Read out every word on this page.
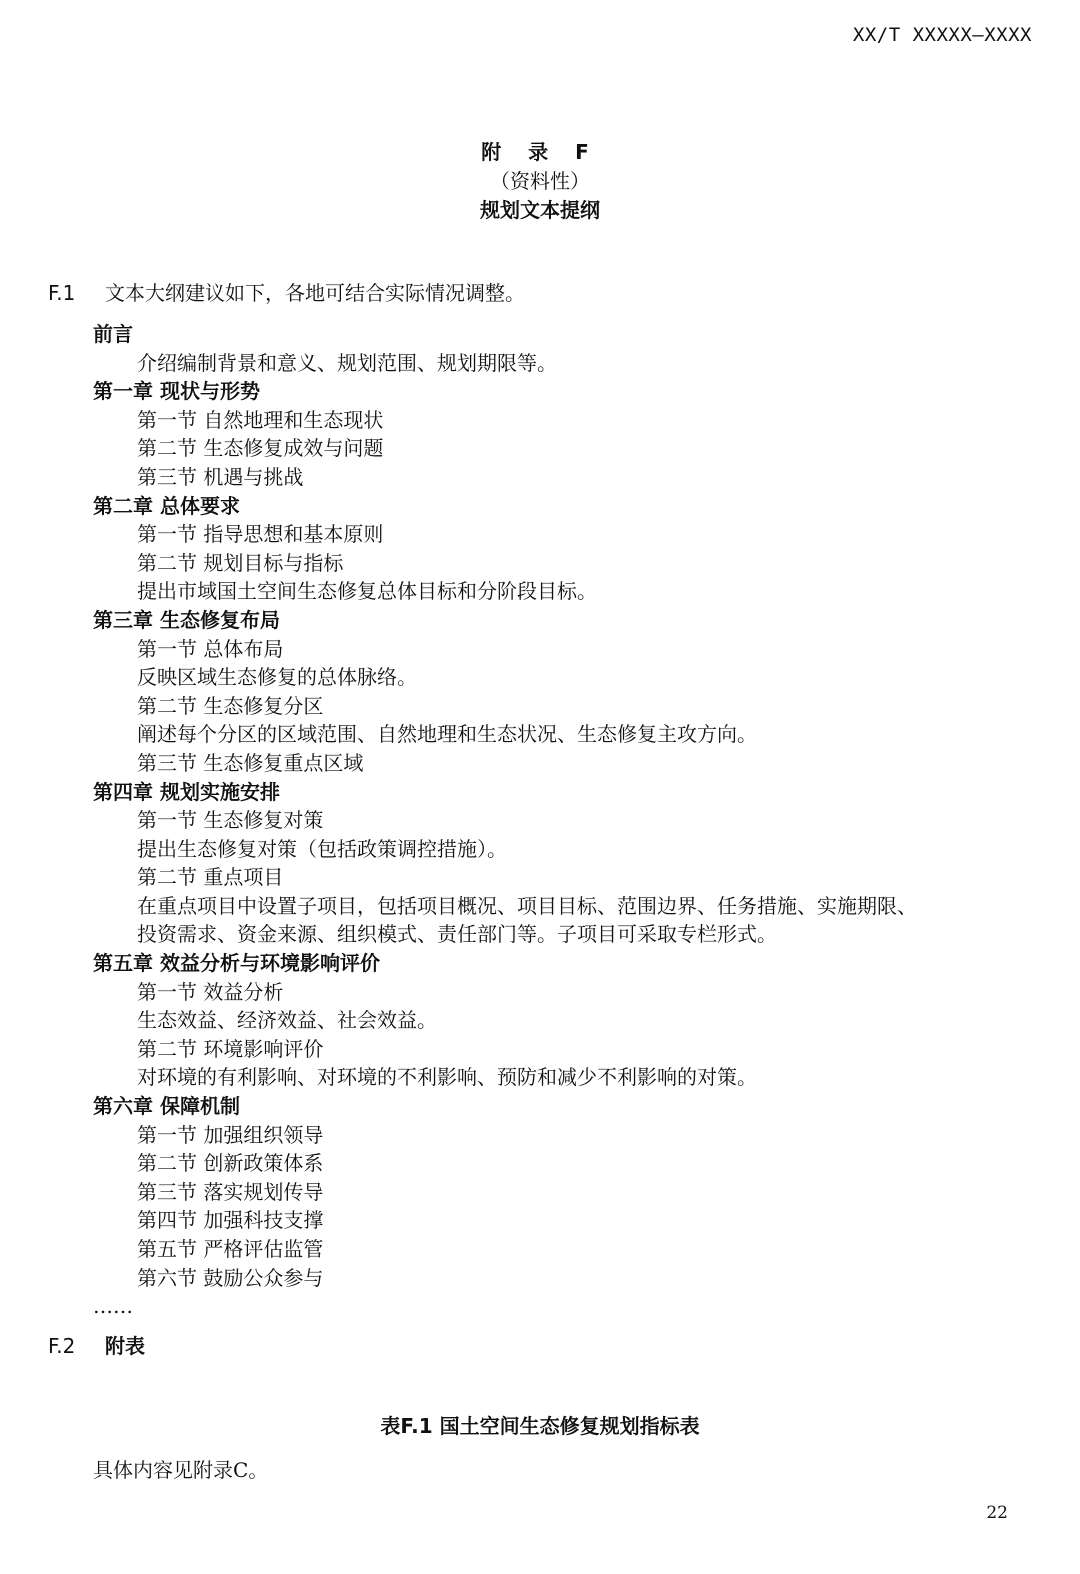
XX/T XXXXX—XXXX
附 录 F
（资料性）
规划文本提纲
F.1 文本大纲建议如下，各地可结合实际情况调整。
前言
介绍编制背景和意义、规划范围、规划期限等。
第一章 现状与形势
第一节 自然地理和生态现状
第二节 生态修复成效与问题
第三节 机遇与挑战
第二章 总体要求
第一节 指导思想和基本原则
第二节 规划目标与指标
提出市域国土空间生态修复总体目标和分阶段目标。
第三章 生态修复布局
第一节 总体布局
反映区域生态修复的总体脉络。
第二节 生态修复分区
阐述每个分区的区域范围、自然地理和生态状况、生态修复主攻方向。
第三节 生态修复重点区域
第四章 规划实施安排
第一节 生态修复对策
提出生态修复对策（包括政策调控措施）。
第二节 重点项目
在重点项目中设置子项目，包括项目概况、项目目标、范围边界、任务措施、实施期限、
投资需求、资金来源、组织模式、责任部门等。子项目可采取专栏形式。
第五章 效益分析与环境影响评价
第一节 效益分析
生态效益、经济效益、社会效益。
第二节 环境影响评价
对环境的有利影响、对环境的不利影响、预防和减少不利影响的对策。
第六章 保障机制
第一节 加强组织领导
第二节 创新政策体系
第三节 落实规划传导
第四节 加强科技支撑
第五节 严格评估监管
第六节 鼓励公众参与
……
F.2 附表
表F.1 国土空间生态修复规划指标表
具体内容见附录C。
22
